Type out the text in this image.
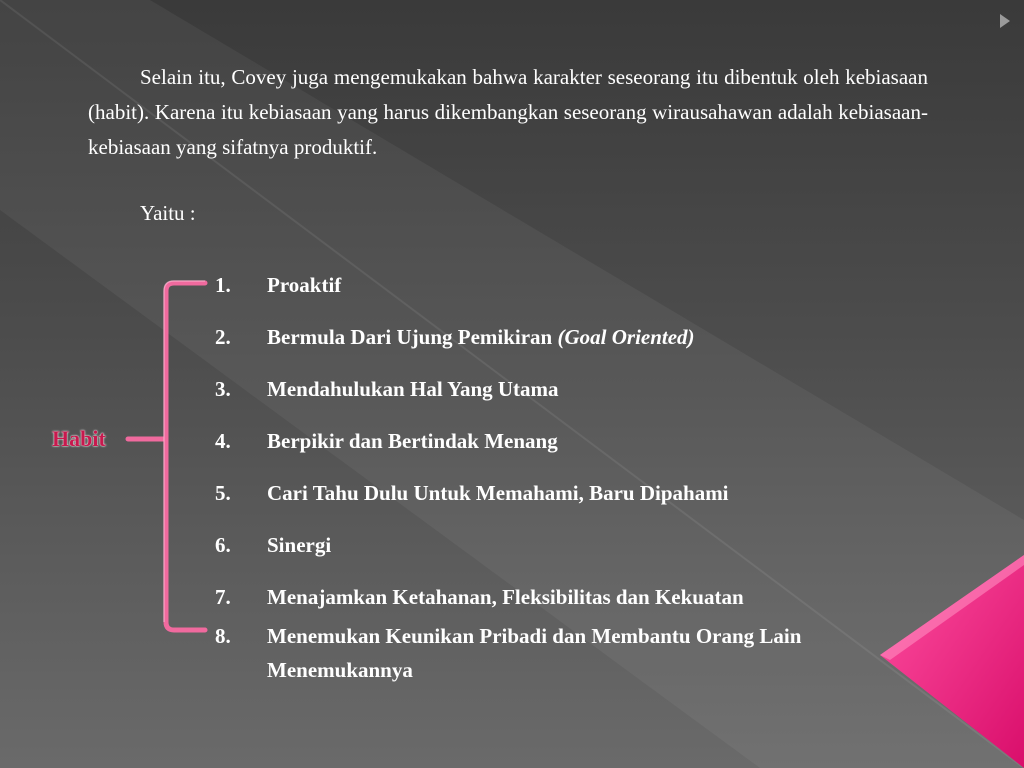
Selain itu, Covey juga mengemukakan bahwa karakter seseorang itu dibentuk oleh kebiasaan (habit). Karena itu kebiasaan yang harus dikembangkan seseorang wirausahawan adalah kebiasaan-kebiasaan yang sifatnya produktif.

Yaitu :
Habit
1. Proaktif
2. Bermula Dari Ujung Pemikiran (Goal Oriented)
3. Mendahulukan Hal Yang Utama
4. Berpikir dan Bertindak Menang
5. Cari Tahu Dulu Untuk Memahami, Baru Dipahami
6. Sinergi
7. Menajamkan Ketahanan, Fleksibilitas dan Kekuatan
8. Menemukan Keunikan Pribadi dan Membantu Orang Lain Menemukannya
